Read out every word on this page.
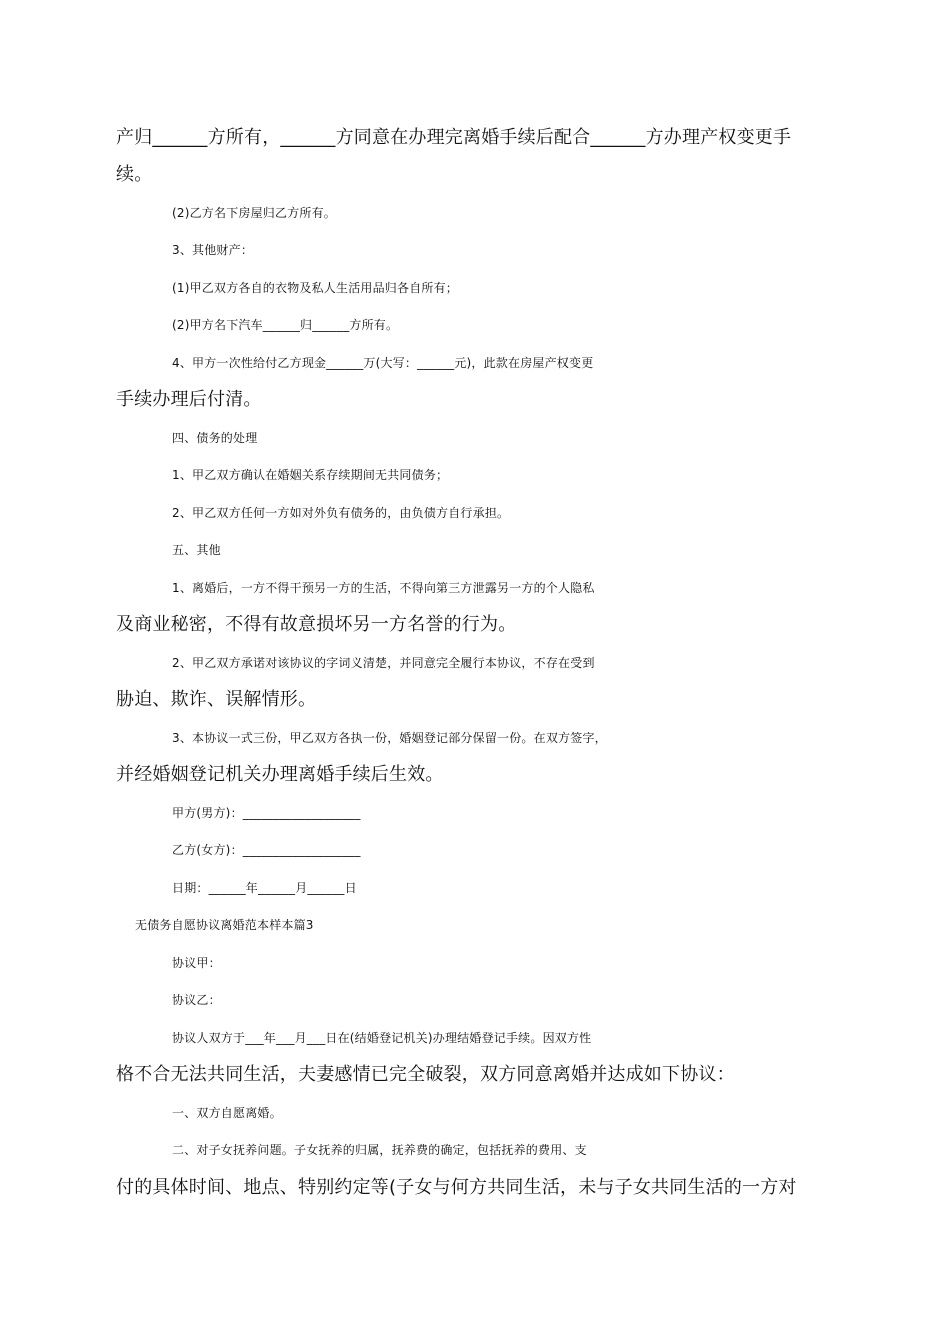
产归______方所有，______方同意在办理完离婚手续后配合______方办理产权变更手
续。
(2)乙方名下房屋归乙方所有。
3、其他财产：
(1)甲乙双方各自的衣物及私人生活用品归各自所有；
(2)甲方名下汽车______归______方所有。
4、甲方一次性给付乙方现金______万(大写：______元)，此款在房屋产权变更
手续办理后付清。
四、债务的处理
1、甲乙双方确认在婚姻关系存续期间无共同债务；
2、甲乙双方任何一方如对外负有债务的，由负债方自行承担。
五、其他
1、离婚后，一方不得干预另一方的生活，不得向第三方泄露另一方的个人隐私
及商业秘密，不得有故意损坏另一方名誉的行为。
2、甲乙双方承诺对该协议的字词义清楚，并同意完全履行本协议，不存在受到
胁迫、欺诈、误解情形。
3、本协议一式三份，甲乙双方各执一份，婚姻登记部分保留一份。在双方签字，
并经婚姻登记机关办理离婚手续后生效。
甲方(男方)：___________________
乙方(女方)：___________________
日期：______年______月______日
无债务自愿协议离婚范本样本篇3
协议甲：
协议乙：
协议人双方于___年___月___日在(结婚登记机关)办理结婚登记手续。因双方性
格不合无法共同生活，夫妻感情已完全破裂，双方同意离婚并达成如下协议：
一、双方自愿离婚。
二、对子女抚养问题。子女抚养的归属，抚养费的确定，包括抚养的费用、支
付的具体时间、地点、特别约定等(子女与何方共同生活，未与子女共同生活的一方对
